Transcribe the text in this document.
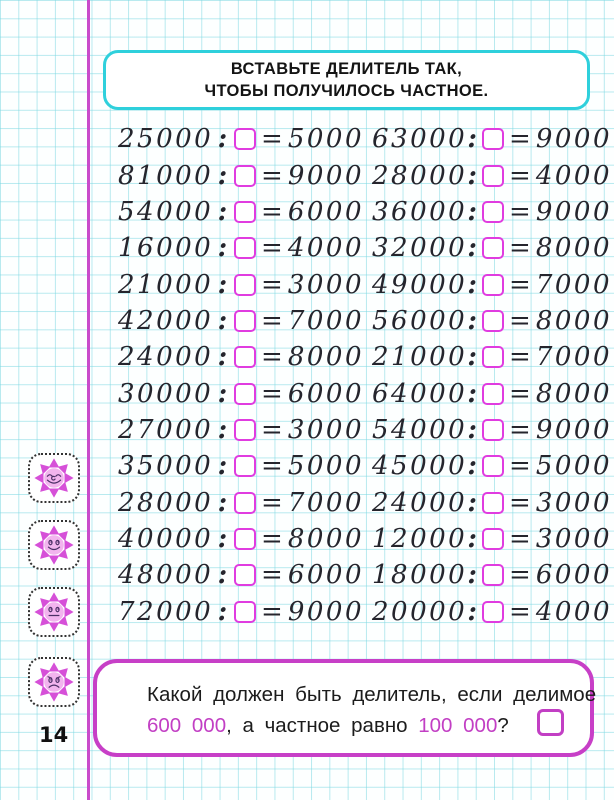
ВСТАВЬТЕ ДЕЛИТЕЛЬ ТАК,
ЧТОБЫ ПОЛУЧИЛОСЬ ЧАСТНОЕ.
25000 : = 5000
81000 : = 9000
54000 : = 6000
16000 : = 4000
21000 : = 3000
42000 : = 7000
24000 : = 8000
30000 : = 6000
27000 : = 3000
35000 : = 5000
28000 : = 7000
40000 : = 8000
48000 : = 6000
72000 : = 9000
63000 : = 9000
28000 : = 4000
36000 : = 9000
32000 : = 8000
49000 : = 7000
56000 : = 8000
21000 : = 7000
64000 : = 8000
54000 : = 9000
45000 : = 5000
24000 : = 3000
12000 : = 3000
18000 : = 6000
20000 : = 4000
14
Какой должен быть делитель, если делимое
600 000, а частное равно 100 000?
